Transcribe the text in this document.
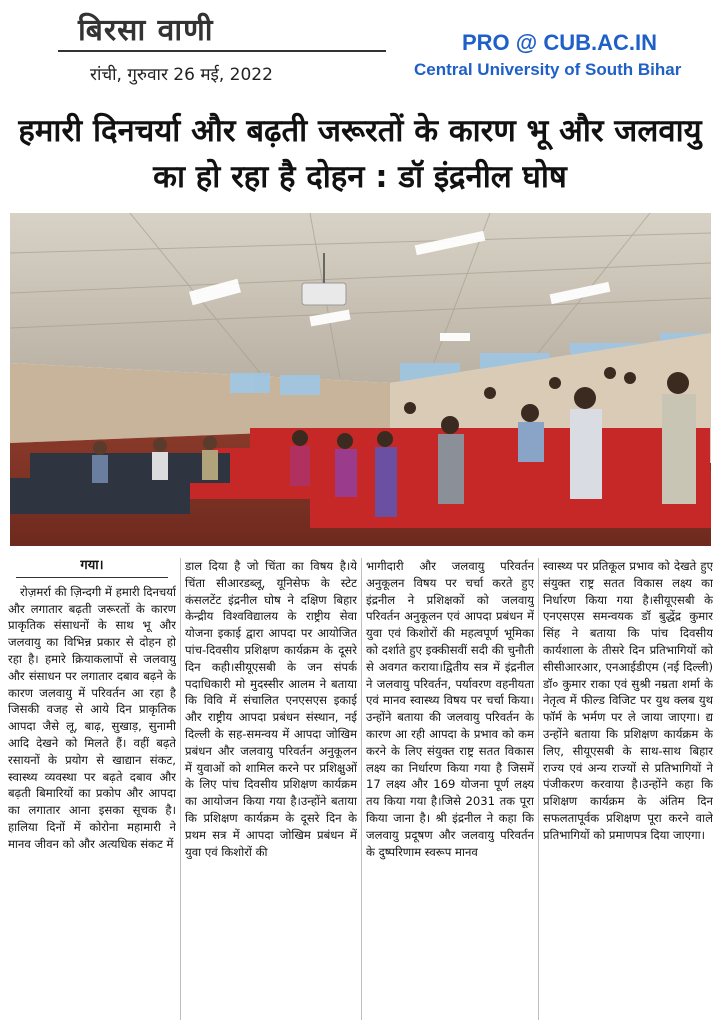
बिरसा वाणी
रांची, गुरुवार 26 मई, 2022
PRO @ CUB.AC.IN
Central University of South Bihar
हमारी दिनचर्या और बढ़ती जरूरतों के कारण भू और जलवायु का हो रहा है दोहन : डॉ इंद्रनील घोष
गया।
रोज़मर्रा की ज़िन्दगी में हमारी दिनचर्या और लगातार बढ़ती जरूरतों के कारण प्राकृतिक संसाधनों के साथ भू और जलवायु का विभिन्न प्रकार से दोहन हो रहा है। हमारे क्रियाकलापों से जलवायु और संसाधन पर लगातार दबाव बढ़ने के कारण जलवायु में परिवर्तन आ रहा है जिसकी वजह से आये दिन प्राकृतिक आपदा जैसे लू, बाढ़, सुखाड़, सुनामी आदि देखने को मिलते हैं। वहीं बढ़ते रसायनों के प्रयोग से खाद्यान संकट, स्वास्थ्य व्यवस्था पर बढ़ते दबाव और बढ़ती बिमारियों का प्रकोप और आपदा का लगातार आना इसका सूचक है।हालिया दिनों में कोरोना महामारी ने मानव जीवन को और अत्यधिक संकट में
डाल दिया है जो चिंता का विषय है।ये चिंता सीआरडब्लू, यूनिसेफ के स्टेट कंसलटेंट इंद्रनील घोष ने दक्षिण बिहार केन्द्रीय विश्वविद्यालय के राष्ट्रीय सेवा योजना इकाई द्वारा आपदा पर आयोजित पांच-दिवसीय प्रशिक्षण कार्यक्रम के दूसरे दिन कही।सीयूएसबी के जन संपर्क पदाधिकारी मो मुदस्सीर आलम ने बताया कि विवि में संचालित एनएसएस इकाई और राष्ट्रीय आपदा प्रबंधन संस्थान, नई दिल्ली के सह-समन्वय में आपदा जोखिम प्रबंधन और जलवायु परिवर्तन अनुकूलन में युवाओं को शामिल करने पर प्रशिक्षुओं के लिए पांच दिवसीय प्रशिक्षण कार्यक्रम का आयोजन किया गया है।उन्होंने बताया कि प्रशिक्षण कार्यक्रम के दूसरे दिन के प्रथम सत्र में आपदा जोखिम प्रबंधन में युवा एवं किशोरों की
भागीदारी और जलवायु परिवर्तन अनुकूलन विषय पर चर्चा करते हुए इंद्रनील ने प्रशिक्षकों को जलवायु परिवर्तन अनुकूलन एवं आपदा प्रबंधन में युवा एवं किशोरों की महत्वपूर्ण भूमिका को दर्शाते हुए इक्कीसवीं सदी की चुनौती से अवगत कराया।द्वितीय सत्र में इंद्रनील ने जलवायु परिवर्तन, पर्यावरण वहनीयता एवं मानव स्वास्थ्य विषय पर चर्चा किया।उन्होंने बताया की जलवायु परिवर्तन के कारण आ रही आपदा के प्रभाव को कम करने के लिए संयुक्त राष्ट्र सतत विकास लक्ष्य का निर्धारण किया गया है जिसमें 17 लक्ष्य और 169 योजना पूर्ण लक्ष्य तय किया गया है।जिसे 2031 तक पूरा किया जाना है। श्री इंद्रनील ने कहा कि जलवायु प्रदूषण और जलवायु परिवर्तन के दुष्परिणाम स्वरूप मानव
स्वास्थ्य पर प्रतिकूल प्रभाव को देखते हुए संयुक्त राष्ट्र सतत विकास लक्ष्य का निर्धारण किया गया है।सीयूएसबी के एनएसएस समन्वयक डॉ बुद्धेंद्र कुमार सिंह ने बताया कि पांच दिवसीय कार्यशाला के तीसरे दिन प्रतिभागियों को सीसीआरआर, एनआईडीएम (नई दिल्ली) डॉ० कुमार राका एवं सुश्री नम्रता शर्मा के नेतृत्व में फील्ड विजिट पर युथ क्लब युथ फॉर्म के भर्मण पर ले जाया जाएगा। द्य उन्होंने बताया कि प्रशिक्षण कार्यक्रम के लिए, सीयूएसबी के साथ-साथ बिहार राज्य एवं अन्य राज्यों से प्रतिभागियों ने पंजीकरण करवाया है।उन्होंने कहा कि प्रशिक्षण कार्यक्रम के अंतिम दिन सफलतापूर्वक प्रशिक्षण पूरा करने वाले प्रतिभागियों को प्रमाणपत्र दिया जाएगा।
